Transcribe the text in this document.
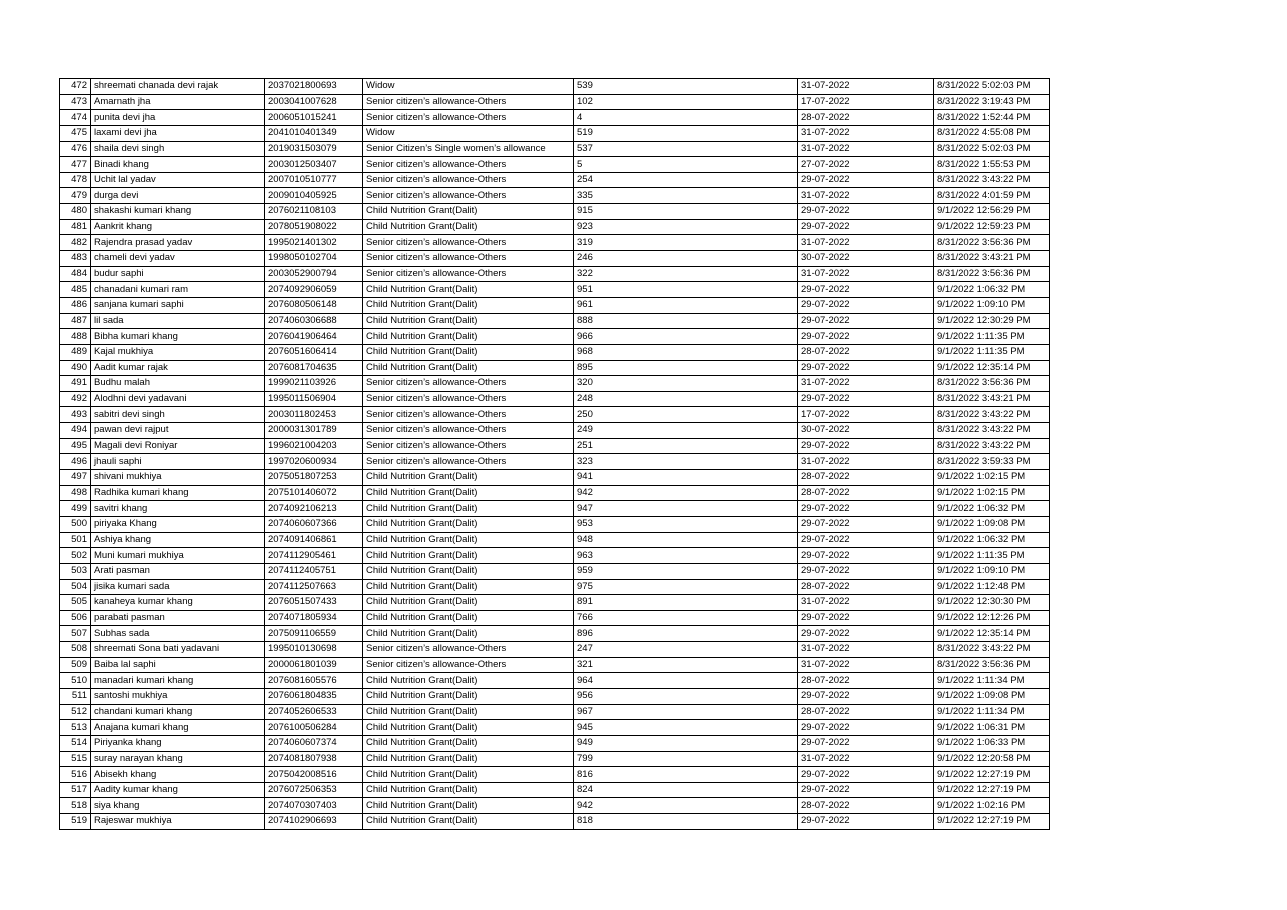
472	shreemati chanada devi rajak	2037021800693	Widow	539	31-07-2022	8/31/2022 5:02:03 PM
473	Amarnath jha	2003041007628	Senior citizen’s allowance-Others	102	17-07-2022	8/31/2022 3:19:43 PM
474	punita devi jha	2006051015241	Senior citizen’s allowance-Others	4	28-07-2022	8/31/2022 1:52:44 PM
475	laxami devi jha	2041010401349	Widow	519	31-07-2022	8/31/2022 4:55:08 PM
476	shaila devi singh	2019031503079	Senior Citizen’s Single women’s allowance	537	31-07-2022	8/31/2022 5:02:03 PM
477	Binadi khang	2003012503407	Senior citizen’s allowance-Others	5	27-07-2022	8/31/2022 1:55:53 PM
478	Uchit lal yadav	2007010510777	Senior citizen’s allowance-Others	254	29-07-2022	8/31/2022 3:43:22 PM
479	durga devi	2009010405925	Senior citizen’s allowance-Others	335	31-07-2022	8/31/2022 4:01:59 PM
480	shakashi kumari khang	2076021108103	Child Nutrition Grant(Dalit)	915	29-07-2022	9/1/2022 12:56:29 PM
481	Aankrit khang	2078051908022	Child Nutrition Grant(Dalit)	923	29-07-2022	9/1/2022 12:59:23 PM
482	Rajendra prasad yadav	1995021401302	Senior citizen’s allowance-Others	319	31-07-2022	8/31/2022 3:56:36 PM
483	chameli devi yadav	1998050102704	Senior citizen’s allowance-Others	246	30-07-2022	8/31/2022 3:43:21 PM
484	budur saphi	2003052900794	Senior citizen’s allowance-Others	322	31-07-2022	8/31/2022 3:56:36 PM
485	chanadani kumari ram	2074092906059	Child Nutrition Grant(Dalit)	951	29-07-2022	9/1/2022 1:06:32 PM
486	sanjana kumari saphi	2076080506148	Child Nutrition Grant(Dalit)	961	29-07-2022	9/1/2022 1:09:10 PM
487	lil sada	2074060306688	Child Nutrition Grant(Dalit)	888	29-07-2022	9/1/2022 12:30:29 PM
488	Bibha kumari khang	2076041906464	Child Nutrition Grant(Dalit)	966	29-07-2022	9/1/2022 1:11:35 PM
489	Kajal mukhiya	2076051606414	Child Nutrition Grant(Dalit)	968	28-07-2022	9/1/2022 1:11:35 PM
490	Aadit kumar rajak	2076081704635	Child Nutrition Grant(Dalit)	895	29-07-2022	9/1/2022 12:35:14 PM
491	Budhu malah	1999021103926	Senior citizen’s allowance-Others	320	31-07-2022	8/31/2022 3:56:36 PM
492	Alodhni devi yadavani	1995011506904	Senior citizen’s allowance-Others	248	29-07-2022	8/31/2022 3:43:21 PM
493	sabitri devi singh	2003011802453	Senior citizen’s allowance-Others	250	17-07-2022	8/31/2022 3:43:22 PM
494	pawan devi rajput	2000031301789	Senior citizen’s allowance-Others	249	30-07-2022	8/31/2022 3:43:22 PM
495	Magali devi Roniyar	1996021004203	Senior citizen’s allowance-Others	251	29-07-2022	8/31/2022 3:43:22 PM
496	jhauli saphi	1997020600934	Senior citizen’s allowance-Others	323	31-07-2022	8/31/2022 3:59:33 PM
497	shivani mukhiya	2075051807253	Child Nutrition Grant(Dalit)	941	28-07-2022	9/1/2022 1:02:15 PM
498	Radhika kumari khang	2075101406072	Child Nutrition Grant(Dalit)	942	28-07-2022	9/1/2022 1:02:15 PM
499	savitri khang	2074092106213	Child Nutrition Grant(Dalit)	947	29-07-2022	9/1/2022 1:06:32 PM
500	piriyaka Khang	2074060607366	Child Nutrition Grant(Dalit)	953	29-07-2022	9/1/2022 1:09:08 PM
501	Ashiya khang	2074091406861	Child Nutrition Grant(Dalit)	948	29-07-2022	9/1/2022 1:06:32 PM
502	Muni kumari mukhiya	2074112905461	Child Nutrition Grant(Dalit)	963	29-07-2022	9/1/2022 1:11:35 PM
503	Arati pasman	2074112405751	Child Nutrition Grant(Dalit)	959	29-07-2022	9/1/2022 1:09:10 PM
504	jisika kumari sada	2074112507663	Child Nutrition Grant(Dalit)	975	28-07-2022	9/1/2022 1:12:48 PM
505	kanaheya kumar khang	2076051507433	Child Nutrition Grant(Dalit)	891	31-07-2022	9/1/2022 12:30:30 PM
506	parabati pasman	2074071805934	Child Nutrition Grant(Dalit)	766	29-07-2022	9/1/2022 12:12:26 PM
507	Subhas sada	2075091106559	Child Nutrition Grant(Dalit)	896	29-07-2022	9/1/2022 12:35:14 PM
508	shreemati Sona bati yadavani	1995010130698	Senior citizen’s allowance-Others	247	31-07-2022	8/31/2022 3:43:22 PM
509	Baiba lal saphi	2000061801039	Senior citizen’s allowance-Others	321	31-07-2022	8/31/2022 3:56:36 PM
510	manadari kumari khang	2076081605576	Child Nutrition Grant(Dalit)	964	28-07-2022	9/1/2022 1:11:34 PM
511	santoshi mukhiya	2076061804835	Child Nutrition Grant(Dalit)	956	29-07-2022	9/1/2022 1:09:08 PM
512	chandani kumari khang	2074052606533	Child Nutrition Grant(Dalit)	967	28-07-2022	9/1/2022 1:11:34 PM
513	Anajana kumari khang	2076100506284	Child Nutrition Grant(Dalit)	945	29-07-2022	9/1/2022 1:06:31 PM
514	Piriyanka khang	2074060607374	Child Nutrition Grant(Dalit)	949	29-07-2022	9/1/2022 1:06:33 PM
515	suray narayan khang	2074081807938	Child Nutrition Grant(Dalit)	799	31-07-2022	9/1/2022 12:20:58 PM
516	Abisekh khang	2075042008516	Child Nutrition Grant(Dalit)	816	29-07-2022	9/1/2022 12:27:19 PM
517	Aadity kumar khang	2076072506353	Child Nutrition Grant(Dalit)	824	29-07-2022	9/1/2022 12:27:19 PM
518	siya khang	2074070307403	Child Nutrition Grant(Dalit)	942	28-07-2022	9/1/2022 1:02:16 PM
519	Rajeswar mukhiya	2074102906693	Child Nutrition Grant(Dalit)	818	29-07-2022	9/1/2022 12:27:19 PM
